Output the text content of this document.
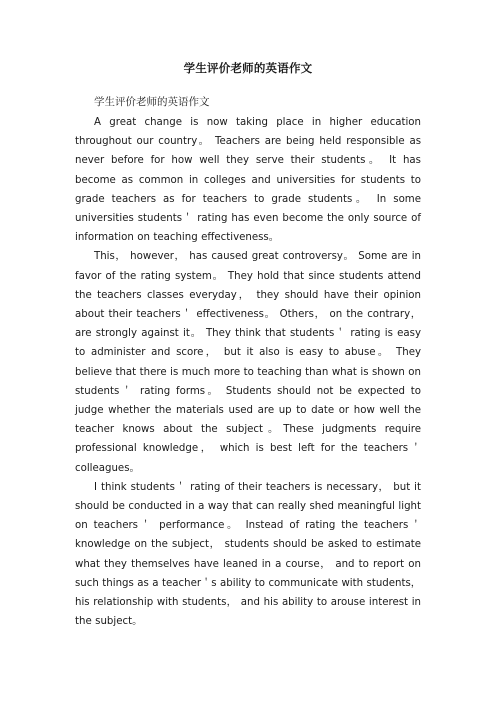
学生评价老师的英语作文
学生评价老师的英语作文

A great change is now taking place in higher education throughout our country。 Teachers are being held responsible as never before for how well they serve their students。 It has become as common in colleges and universities for students to grade teachers as for teachers to grade students。 In some universities students＇ rating has even become the only source of information on teaching effectiveness。

This， however， has caused great controversy。 Some are in favor of the rating system。 They hold that since students attend the teachers classes everyday， they should have their opinion about their teachers＇ effectiveness。 Others， on the contrary， are strongly against it。 They think that students＇ rating is easy to administer and score， but it also is easy to abuse。 They believe that there is much more to teaching than what is shown on students＇ rating forms。 Students should not be expected to judge whether the materials used are up to date or how well the teacher knows about the subject。These judgments require professional knowledge， which is best left for the teachers＇ colleagues。

I think students＇ rating of their teachers is necessary， but it should be conducted in a way that can really shed meaningful light on teachers＇ performance。 Instead of rating the teachers＇ knowledge on the subject， students should be asked to estimate what they themselves have leaned in a course， and to report on such things as a teacher＇s ability to communicate with students， his relationship with students， and his ability to arouse interest in the subject。
